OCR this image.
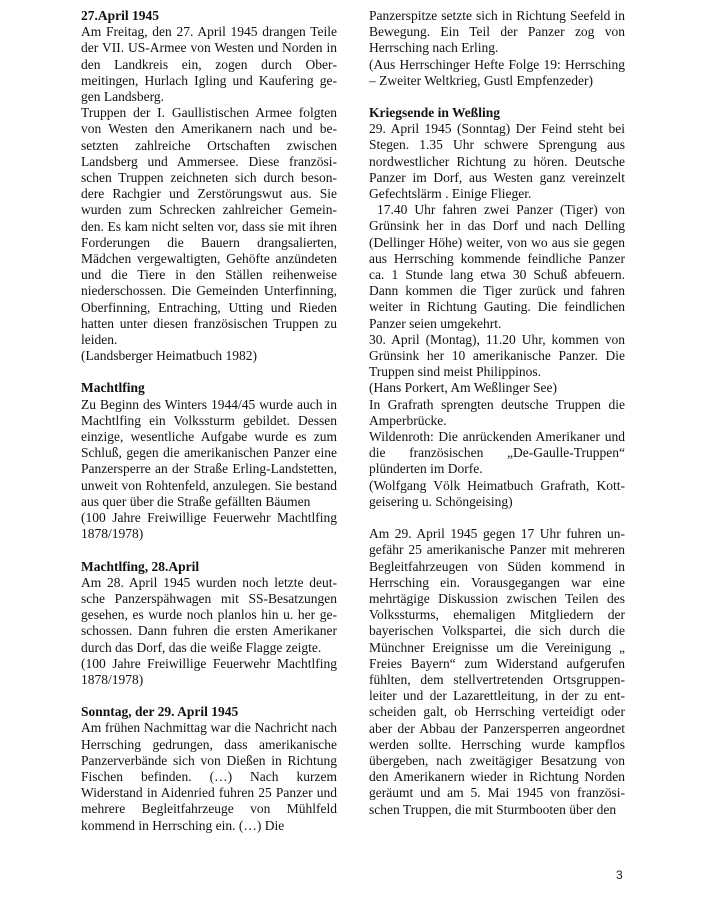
27.April 1945

Am Freitag, den 27. April 1945 drangen Teile der VII. US-Armee von Westen und Norden in den Landkreis ein, zogen durch Obermeitingen, Hurlach Igling und Kaufering gegen Landsberg.

Truppen der I. Gaullistischen Armee folgten von Westen den Amerikanern nach und besetzten zahlreiche Ortschaften zwischen Landsberg und Ammersee. Diese französischen Truppen zeichneten sich durch besondere Rachgier und Zerstörungswut aus. Sie wurden zum Schrecken zahlreicher Gemeinden. Es kam nicht selten vor, dass sie mit ihren Forderungen die Bauern drangsalierten, Mädchen vergewaltigten, Gehöfte anzündeten und die Tiere in den Ställen reihenweise niederschossen. Die Gemeinden Unterfinning, Oberfinning, Entraching, Utting und Rieden hatten unter diesen französischen Truppen zu leiden.

(Landsberger Heimatbuch 1982)

Machtlfing

Zu Beginn des Winters 1944/45 wurde auch in Machtlfing ein Volkssturm gebildet. Dessen einzige, wesentliche Aufgabe wurde es zum Schluß, gegen die amerikanischen Panzer eine Panzersperre an der Straße Erling-Landstetten, unweit von Rohtenfeld, anzulegen. Sie bestand aus quer über die Straße gefällten Bäumen

(100 Jahre Freiwillige Feuerwehr Machtlfing 1878/1978)

Machtlfing, 28.April

Am 28. April 1945 wurden noch letzte deutsche Panzerspähwagen mit SS-Besatzungen gesehen, es wurde noch planlos hin u. her geschossen. Dann fuhren die ersten Amerikaner durch das Dorf, das die weiße Flagge zeigte.

(100 Jahre Freiwillige Feuerwehr Machtlfing 1878/1978)

Sonntag, der 29. April 1945

Am frühen Nachmittag war die Nachricht nach Herrsching gedrungen, dass amerikanische Panzerverbände sich von Dießen in Richtung Fischen befinden. (…) Nach kurzem Widerstand in Aidenried fuhren 25 Panzer und mehrere Begleitfahrzeuge von Mühlfeld kommend in Herrsching ein. (…) Die

Panzerspitze setzte sich in Richtung Seefeld in Bewegung. Ein Teil der Panzer zog von Herrsching nach Erling.

(Aus Herrschinger Hefte Folge 19: Herrsching – Zweiter Weltkrieg, Gustl Empfenzeder)

Kriegsende in Weßling

29. April 1945 (Sonntag) Der Feind steht bei Stegen. 1.35 Uhr schwere Sprengung aus nordwestlicher Richtung zu hören. Deutsche Panzer im Dorf, aus Westen ganz vereinzelt Gefechtslärm . Einige Flieger.

17.40 Uhr fahren zwei Panzer (Tiger) von Grünsink her in das Dorf und nach Delling (Dellinger Höhe) weiter, von wo aus sie gegen aus Herrsching kommende feindliche Panzer ca. 1 Stunde lang etwa 30 Schuß abfeuern. Dann kommen die Tiger zurück und fahren weiter in Richtung Gauting. Die feindlichen Panzer seien umgekehrt.

30. April (Montag), 11.20 Uhr, kommen von Grünsink her 10 amerikanische Panzer. Die Truppen sind meist Philippinos.

(Hans Porkert, Am Weßlinger See)

In Grafrath sprengten deutsche Truppen die Amperbrücke.

Wildenroth: Die anrückenden Amerikaner und die französischen „De-Gaulle-Truppen“ plünderten im Dorfe.

(Wolfgang Völk Heimatbuch Grafrath, Kottgeisering u. Schöngeising)

Am 29. April 1945 gegen 17 Uhr fuhren ungefähr 25 amerikanische Panzer mit mehreren Begleitfahrzeugen von Süden kommend in Herrsching ein. Vorausgegangen war eine mehrtägige Diskussion zwischen Teilen des Volkssturms, ehemaligen Mitgliedern der bayerischen Volkspartei, die sich durch die Münchner Ereignisse um die Vereinigung „ Freies Bayern“ zum Widerstand aufgerufen fühlten, dem stellvertretenden Ortsgruppenleiter und der Lazarettleitung, in der zu entscheiden galt, ob Herrsching verteidigt oder aber der Abbau der Panzersperren angeordnet werden sollte. Herrsching wurde kampflos übergeben, nach zweitägiger Besatzung von den Amerikanern wieder in Richtung Norden geräumt und am 5. Mai 1945 von französischen Truppen, die mit Sturmbooten über den

3
